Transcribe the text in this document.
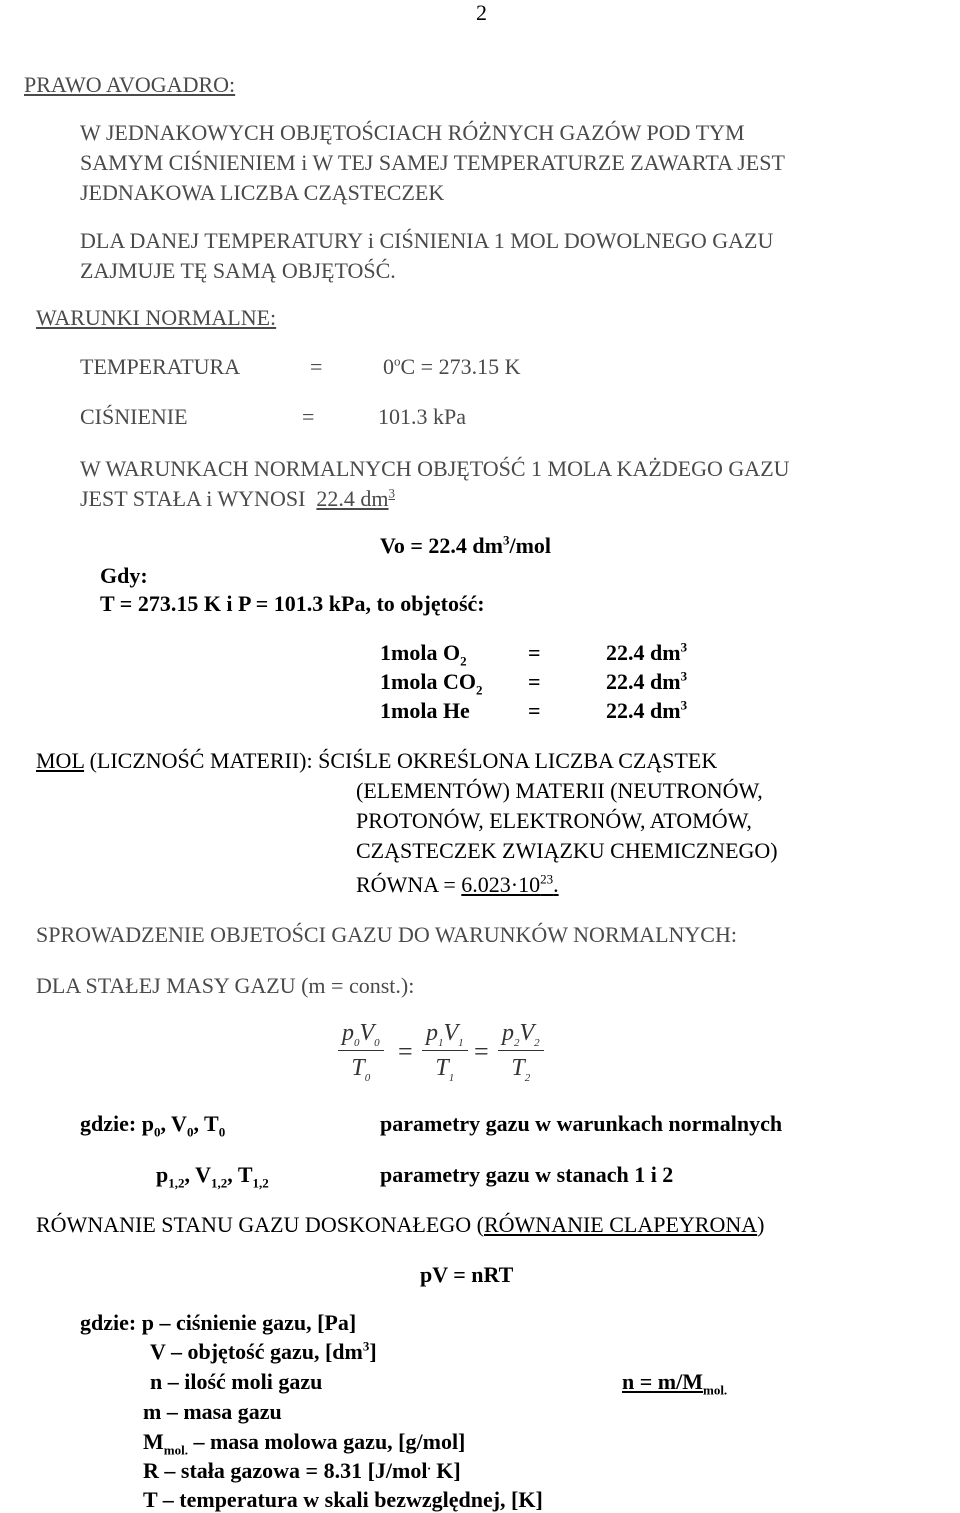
2
PRAWO AVOGADRO:
W JEDNAKOWYCH OBJĘTOŚCIACH RÓŻNYCH GAZÓW POD TYM
SAMYM CIŚNIENIEM i W TEJ SAMEJ TEMPERATURZE ZAWARTA JEST
JEDNAKOWA LICZBA CZĄSTECZEK
DLA DANEJ TEMPERATURY i CIŚNIENIA 1 MOL DOWOLNEGO GAZU
ZAJMUJE TĘ SAMĄ OBJĘTOŚĆ.
WARUNKI NORMALNE:
TEMPERATURA	=	$0^oC = 273.15$ K
CIŚNIENIE	=	101.3 kPa
W WARUNKACH NORMALNYCH OBJĘTOŚĆ 1 MOLA KAŻDEGO GAZU
JEST STAŁA i WYNOSI 22.4 $dm^3$
Vo = 22.4 $dm^3$/mol
Gdy:
T = 273.15 K i P = 101.3 kPa, to objętość:
1mola $O_2$	=	22.4 $dm^3$
1mola $CO_2$ =	22.4 $dm^3$
1mola He	=	22.4 $dm^3$
MOL (LICZNOŚĆ MATERII): ŚCIŚLE OKREŚLONA LICZBA CZĄSTEK
(ELEMENTÓW) MATERII (NEUTRONÓW,
PROTONÓW, ELEKTRONÓW, ATOMÓW,
CZĄSTECZEK ZWIĄZKU CHEMICZNEGO)
RÓWNA = $6.023\cdot 10^{23}$.
SPROWADZENIE OBJETOŚCI GAZU DO WARUNKÓW NORMALNYCH:
DLA STAŁEJ MASY GAZU (m = const.):
$\frac{p_0V_0}{T_0} = \frac{p_1V_1}{T_1} = \frac{p_2V_2}{T_2}$
gdzie: $p_0$, $V_0$, $T_0$	parametry gazu w warunkach normalnych
$p_{1,2}$, $V_{1,2}$, $T_{1,2}$	parametry gazu w stanach 1 i 2
RÓWNANIE STANU GAZU DOSKONAŁEGO (RÓWNANIE CLAPEYRONA)
pV = nRT
gdzie: p – ciśnienie gazu, [Pa]
V – objętość gazu, $[dm^3]$
n – ilość moli gazu	$n = m/M_{mol.}$
m – masa gazu
$M_{mol.}$ – masa molowa gazu, [g/mol]
R – stała gazowa = 8.31 [J/mol. K]
T – temperatura w skali bezwzględnej, [K]
